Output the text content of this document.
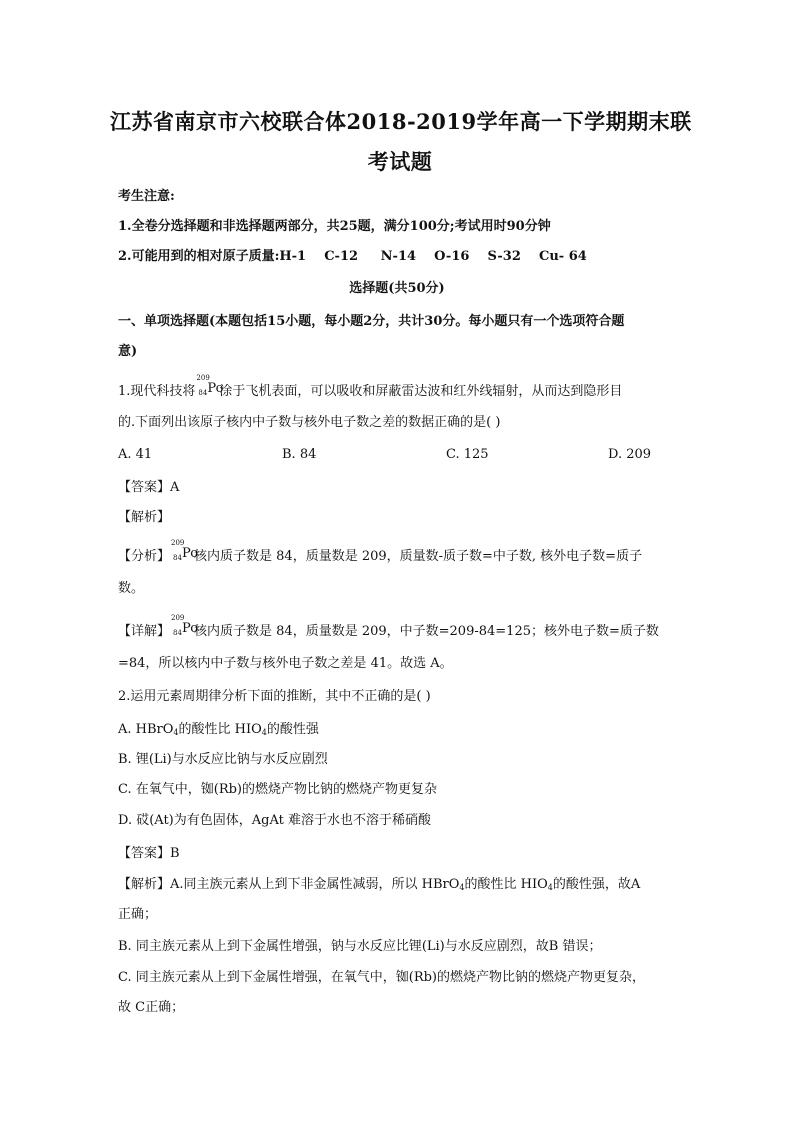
江苏省南京市六校联合体2018-2019学年高一下学期期末联
考试题
考生注意:
1.全卷分选择题和非选择题两部分，共25题，满分100分;考试用时90分钟
2.可能用到的相对原子质量:H-1    C-12     N-14    O-16    S-32    Cu- 64
选择题(共50分)
一、单项选择题(本题包括15小题，每小题2分，共计30分。每小题只有一个选项符合题
意)
1.现代科技将
209
84 Po
涂于飞机表面，可以吸收和屏蔽雷达波和红外线辐射，从而达到隐形目
的.下面列出该原子核内中子数与核外电子数之差的数据正确的是( )
A. 41	B. 84	C. 125	D. 209
【答案】A
【解析】
【分析】
209
84 Po
核内质子数是 84，质量数是 209，质量数-质子数=中子数, 核外电子数=质子
数。
【详解】
209
84 Po
核内质子数是 84，质量数是 209，中子数=209-84=125；核外电子数=质子数
=84，所以核内中子数与核外电子数之差是 41。故选 A。
2.运用元素周期律分析下面的推断，其中不正确的是( )
A. HBrO4的酸性比 HIO4的酸性强
B. 锂(Li)与水反应比钠与水反应剧烈
C. 在氧气中，铷(Rb)的燃烧产物比钠的燃烧产物更复杂
D. 砹(At)为有色固体，AgAt 难溶于水也不溶于稀硝酸
【答案】B
【解析】A.同主族元素从上到下非金属性减弱，所以 HBrO4的酸性比 HIO4的酸性强，故A
正确；
B. 同主族元素从上到下金属性增强，钠与水反应比锂(Li)与水反应剧烈，故B 错误；
C. 同主族元素从上到下金属性增强，在氧气中，铷(Rb)的燃烧产物比钠的燃烧产物更复杂，
故 C正确；
